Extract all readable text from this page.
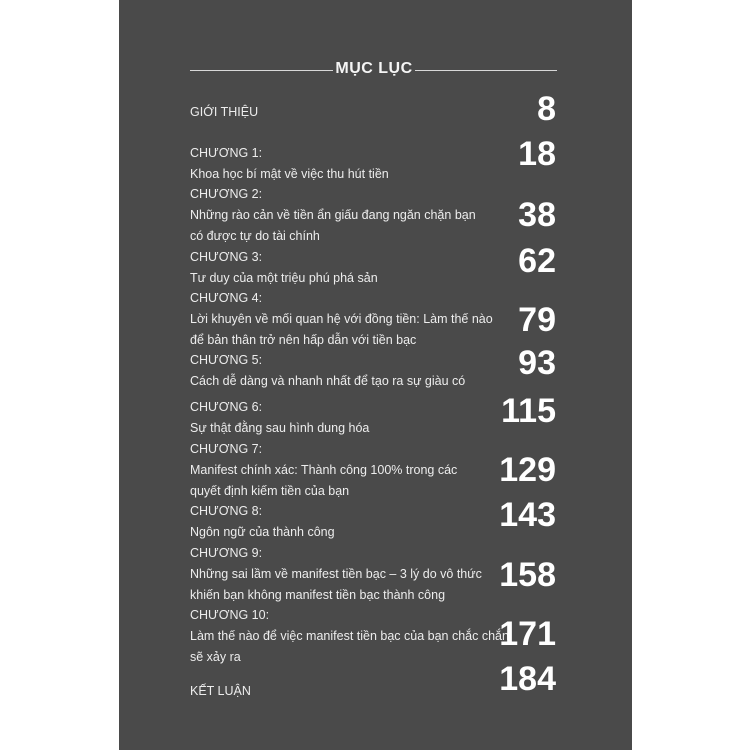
MỤC LỤC
GIỚI THIỆU	8
CHƯƠNG 1:
Khoa học bí mật về việc thu hút tiền
18
CHƯƠNG 2:
Những rào cản về tiền ẩn giấu đang ngăn chặn bạn
có được tự do tài chính
38
CHƯƠNG 3:
Tư duy của một triệu phú phá sản	62
CHƯƠNG 4:
Lời khuyên về mối quan hệ với đồng tiền: Làm thế nào
để bản thân trở nên hấp dẫn với tiền bạc
79
CHƯƠNG 5:
Cách dễ dàng và nhanh nhất để tạo ra sự giàu có	93
CHƯƠNG 6:
Sự thật đằng sau hình dung hóa	115
CHƯƠNG 7:
Manifest chính xác: Thành công 100% trong các
quyết định kiếm tiền của bạn
129
CHƯƠNG 8:
Ngôn ngữ của thành công	143
CHƯƠNG 9:
Những sai lầm về manifest tiền bạc – 3 lý do vô thức
khiến bạn không manifest tiền bạc thành công
158
CHƯƠNG 10:
Làm thế nào để việc manifest tiền bạc của bạn chắc chắn
sẽ xảy ra
171
KẾT LUẬN	184
